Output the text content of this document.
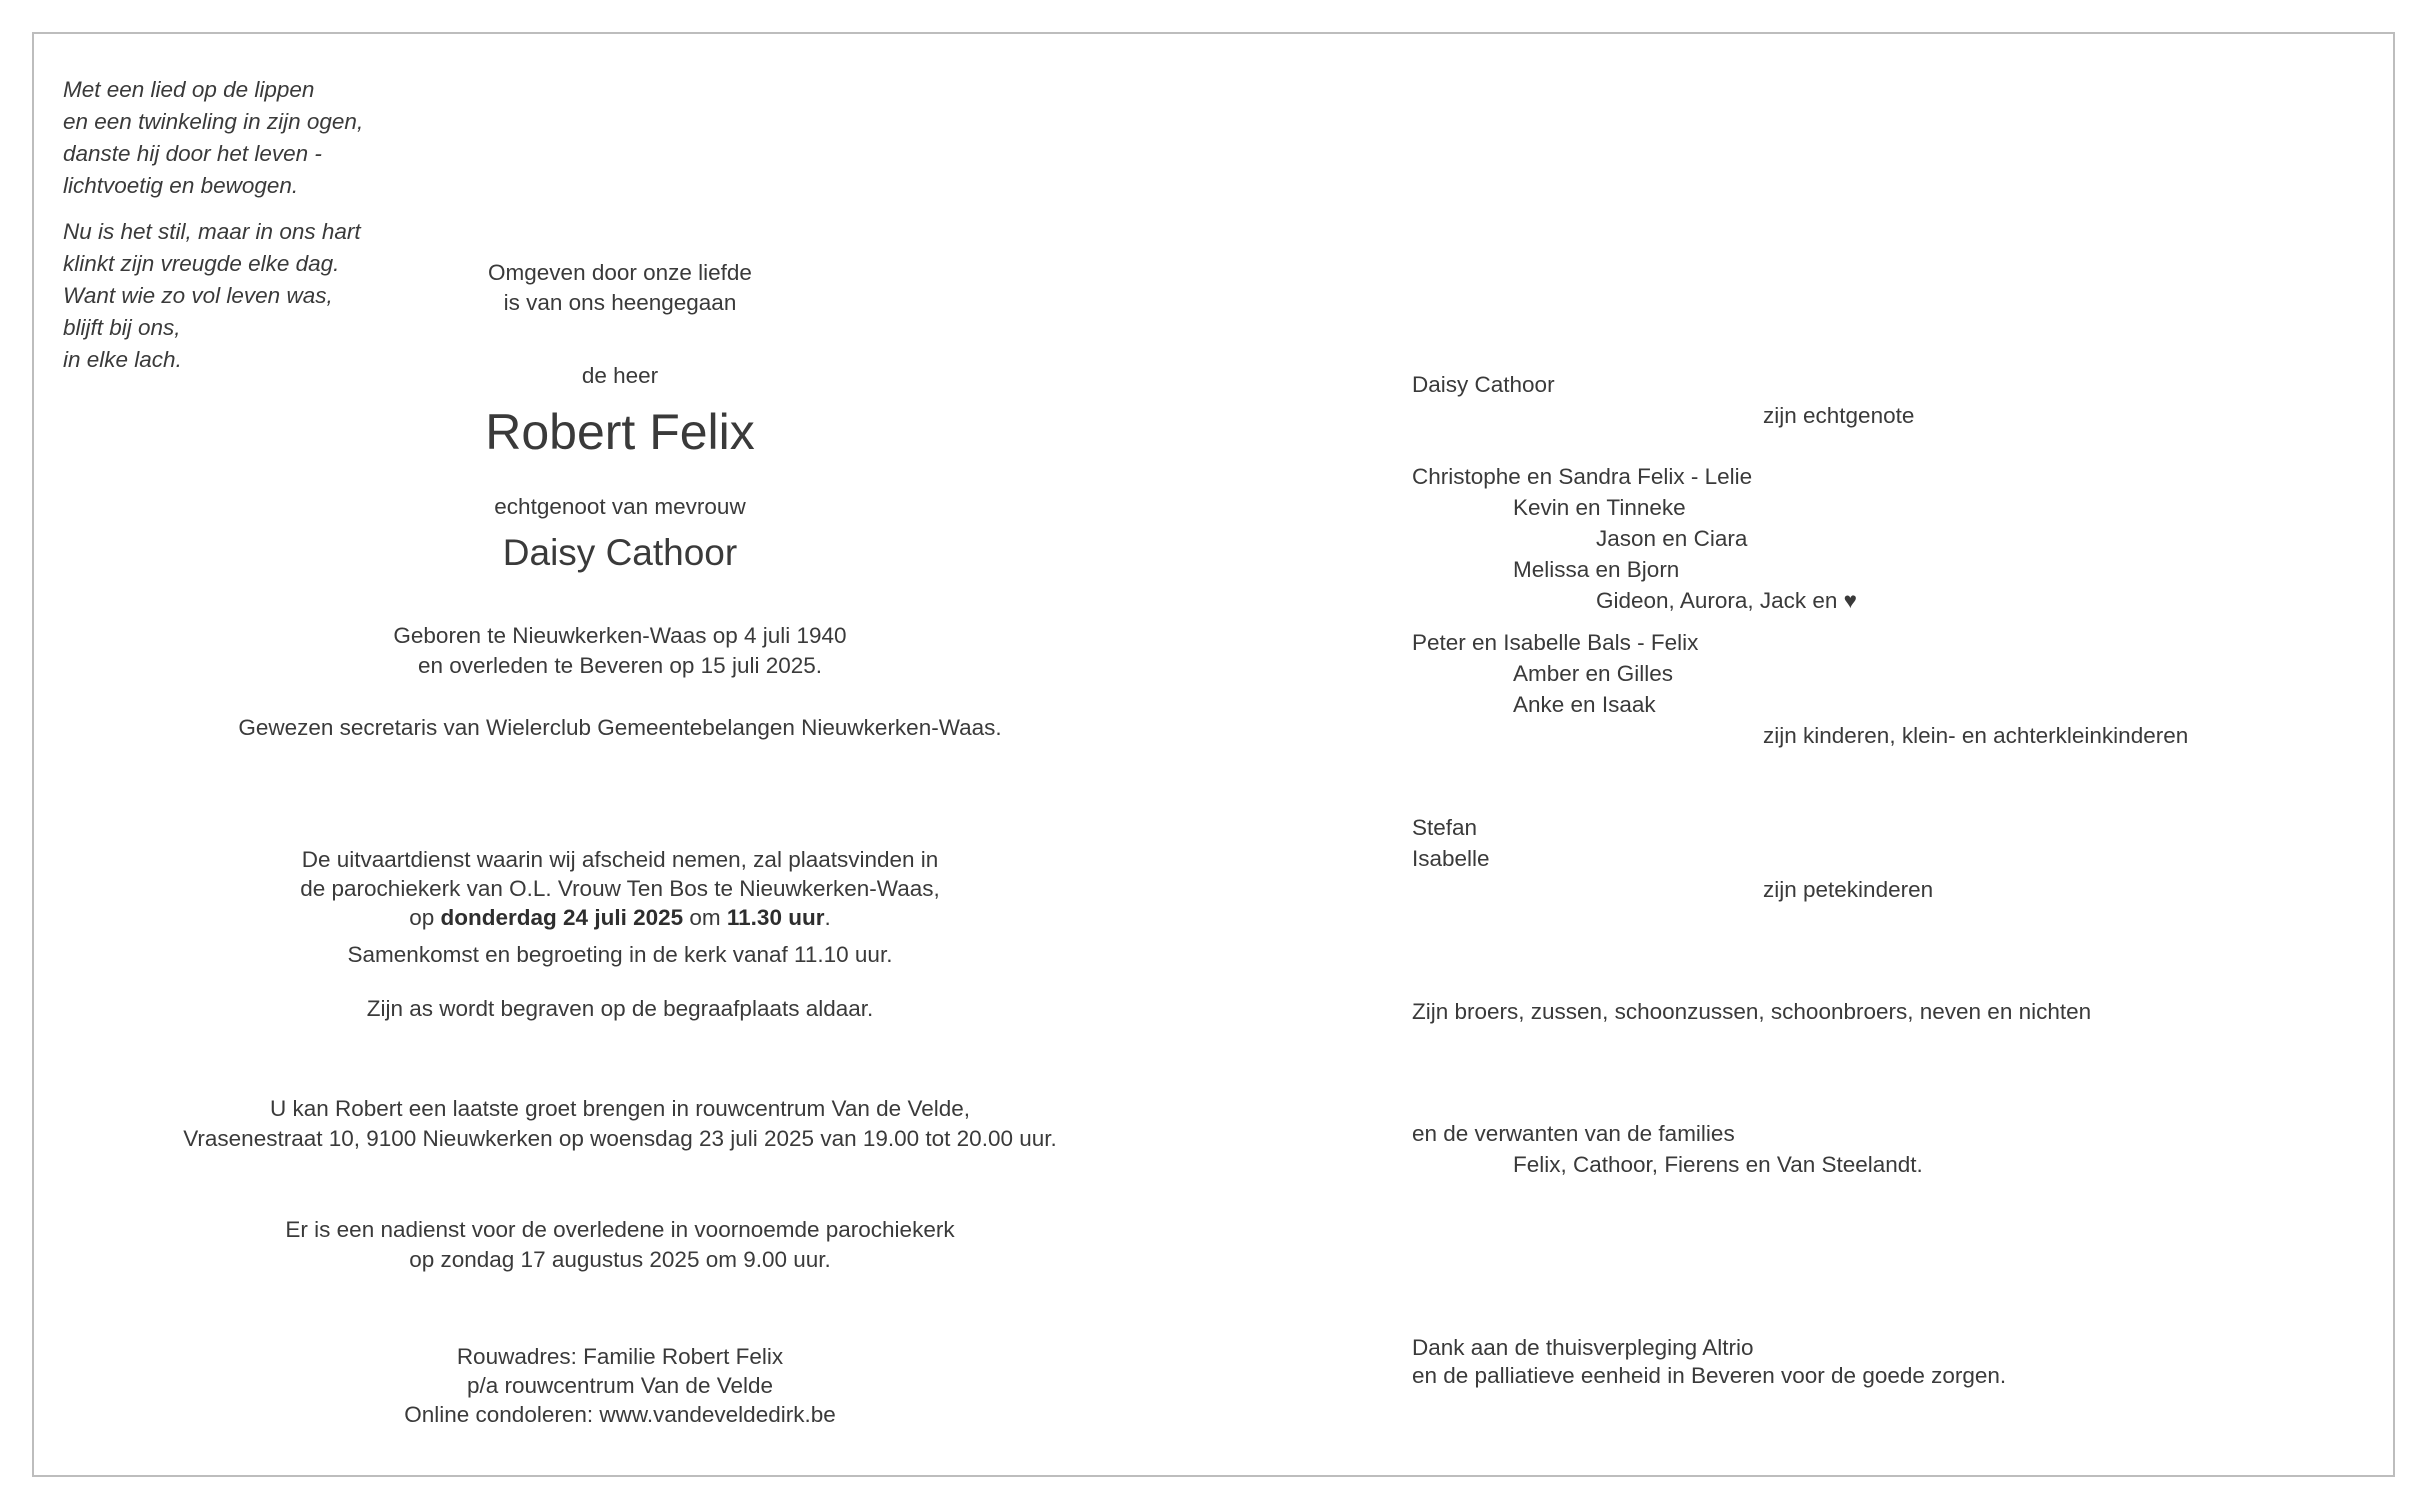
Met een lied op de lippen
en een twinkeling in zijn ogen,
danste hij door het leven -
lichtvoetig en bewogen.
Nu is het stil, maar in ons hart
klinkt zijn vreugde elke dag.
Want wie zo vol leven was,
blijft bij ons,
in elke lach.
Omgeven door onze liefde
is van ons heengegaan
de heer
Robert Felix
echtgenoot van mevrouw
Daisy Cathoor
Geboren te Nieuwkerken-Waas op 4 juli 1940
en overleden te Beveren op 15 juli 2025.
Gewezen secretaris van Wielerclub Gemeentebelangen Nieuwkerken-Waas.
De uitvaartdienst waarin wij afscheid nemen, zal plaatsvinden in
de parochiekerk van O.L. Vrouw Ten Bos te Nieuwkerken-Waas,
op donderdag 24 juli 2025 om 11.30 uur.
Samenkomst en begroeting in de kerk vanaf 11.10 uur.
Zijn as wordt begraven op de begraafplaats aldaar.
U kan Robert een laatste groet brengen in rouwcentrum Van de Velde,
Vrasenestraat 10, 9100 Nieuwkerken op woensdag 23 juli 2025 van 19.00 tot 20.00 uur.
Er is een nadienst voor de overledene in voornoemde parochiekerk
op zondag 17 augustus 2025 om 9.00 uur.
Rouwadres: Familie Robert Felix
p/a rouwcentrum Van de Velde
Online condoleren: www.vandeveldedirk.be
Daisy Cathoor
zijn echtgenote
Christophe en Sandra Felix - Lelie
Kevin en Tinneke
Jason en Ciara
Melissa en Bjorn
Gideon, Aurora, Jack en ♥
Peter en Isabelle Bals - Felix
Amber en Gilles
Anke en Isaak
zijn kinderen, klein- en achterkleinkinderen
Stefan
Isabelle
zijn petekinderen
Zijn broers, zussen, schoonzussen, schoonbroers, neven en nichten
en de verwanten van de families
Felix, Cathoor, Fierens en Van Steelandt.
Dank aan de thuisverpleging Altrio
en de palliatieve eenheid in Beveren voor de goede zorgen.
